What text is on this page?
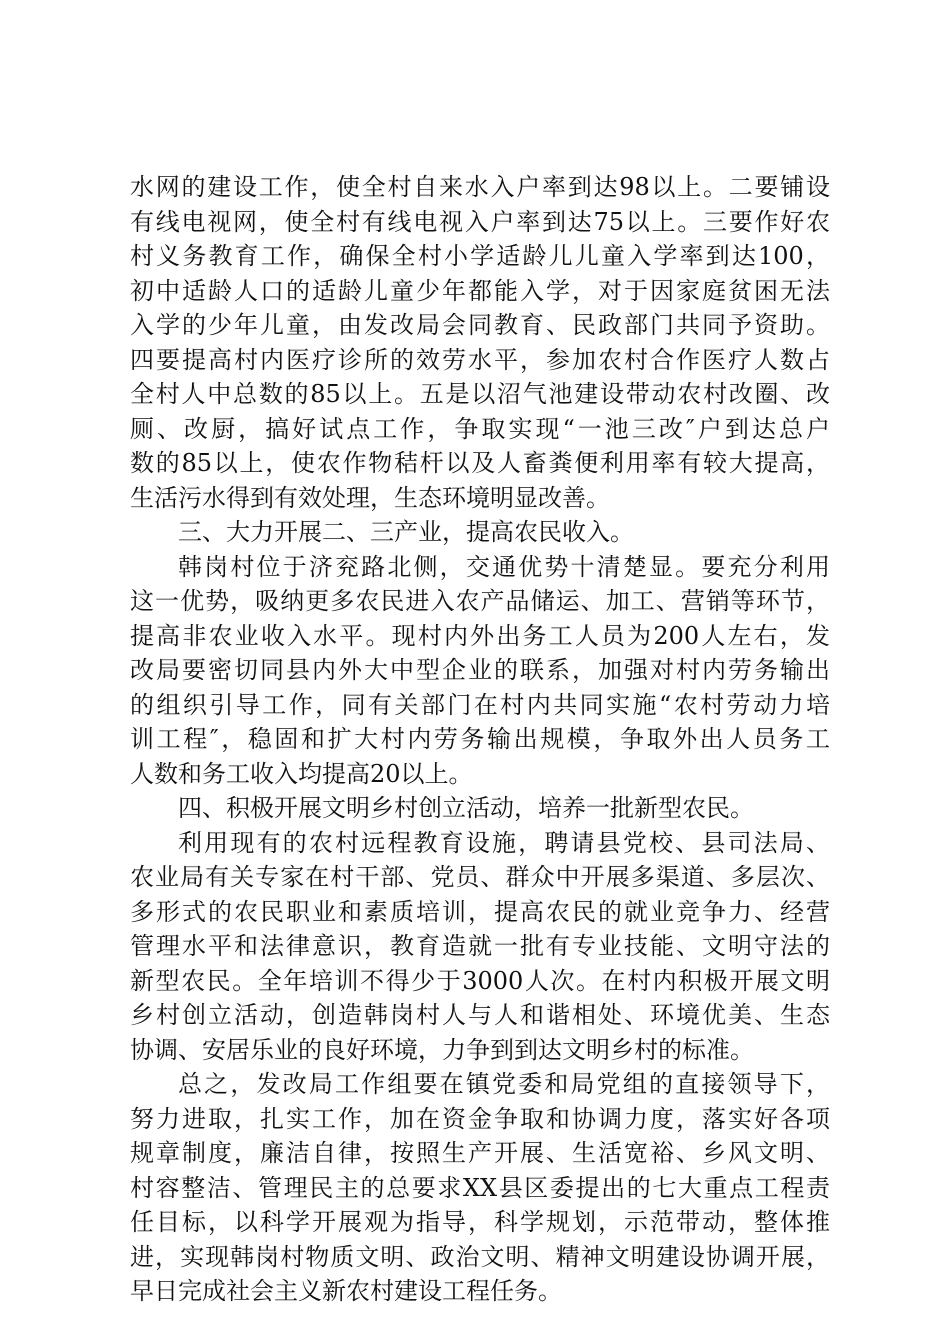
水网的建设工作，使全村自来水入户率到达98以上。二要铺设
有线电视网，使全村有线电视入户率到达75以上。三要作好农
村义务教育工作，确保全村小学适龄儿儿童入学率到达100，
初中适龄人口的适龄儿童少年都能入学，对于因家庭贫困无法
入学的少年儿童，由发改局会同教育、民政部门共同予资助。
四要提高村内医疗诊所的效劳水平，参加农村合作医疗人数占
全村人中总数的85以上。五是以沼气池建设带动农村改圈、改
厕、改厨，搞好试点工作，争取实现“一池三改″户到达总户
数的85以上，使农作物秸杆以及人畜粪便利用率有较大提高，
生活污水得到有效处理，生态环境明显改善。
三、大力开展二、三产业，提高农民收入。
韩岗村位于济兖路北侧，交通优势十清楚显。要充分利用
这一优势，吸纳更多农民进入农产品储运、加工、营销等环节，
提高非农业收入水平。现村内外出务工人员为200人左右，发
改局要密切同县内外大中型企业的联系，加强对村内劳务输出
的组织引导工作，同有关部门在村内共同实施“农村劳动力培
训工程″，稳固和扩大村内劳务输出规模，争取外出人员务工
人数和务工收入均提高20以上。
四、积极开展文明乡村创立活动，培养一批新型农民。
利用现有的农村远程教育设施，聘请县党校、县司法局、
农业局有关专家在村干部、党员、群众中开展多渠道、多层次、
多形式的农民职业和素质培训，提高农民的就业竞争力、经营
管理水平和法律意识，教育造就一批有专业技能、文明守法的
新型农民。全年培训不得少于3000人次。在村内积极开展文明
乡村创立活动，创造韩岗村人与人和谐相处、环境优美、生态
协调、安居乐业的良好环境，力争到到达文明乡村的标准。
总之，发改局工作组要在镇党委和局党组的直接领导下，
努力进取，扎实工作，加在资金争取和协调力度，落实好各项
规章制度，廉洁自律，按照生产开展、生活宽裕、乡风文明、
村容整洁、管理民主的总要求XX县区委提出的七大重点工程责
任目标，以科学开展观为指导，科学规划，示范带动，整体推
进，实现韩岗村物质文明、政治文明、精神文明建设协调开展，
早日完成社会主义新农村建设工程任务。
